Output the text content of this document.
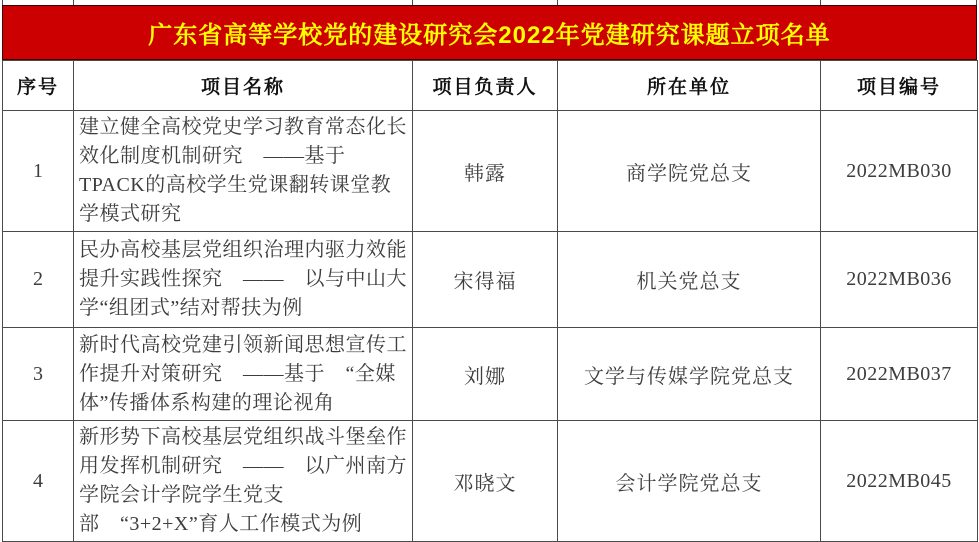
广东省高等学校党的建设研究会2022年党建研究课题立项名单
序号	项目名称	项目负责人	所在单位	项目编号
1	建立健全高校党史学习教育常态化长效化制度机制研究　——基于TPACK的高校学生党课翻转课堂教学模式研究	韩露	商学院党总支	2022MB030
2	民办高校基层党组织治理内驱力效能提升实践性探究　——　以与中山大学“组团式”结对帮扶为例	宋得福	机关党总支	2022MB036
3	新时代高校党建引领新闻思想宣传工作提升对策研究　——基于　“全媒体”传播体系构建的理论视角	刘娜	文学与传媒学院党总支	2022MB037
4	新形势下高校基层党组织战斗堡垒作用发挥机制研究　——　以广州南方学院会计学院学生党支部　“3+2+X”育人工作模式为例	邓晓文	会计学院党总支	2022MB045
